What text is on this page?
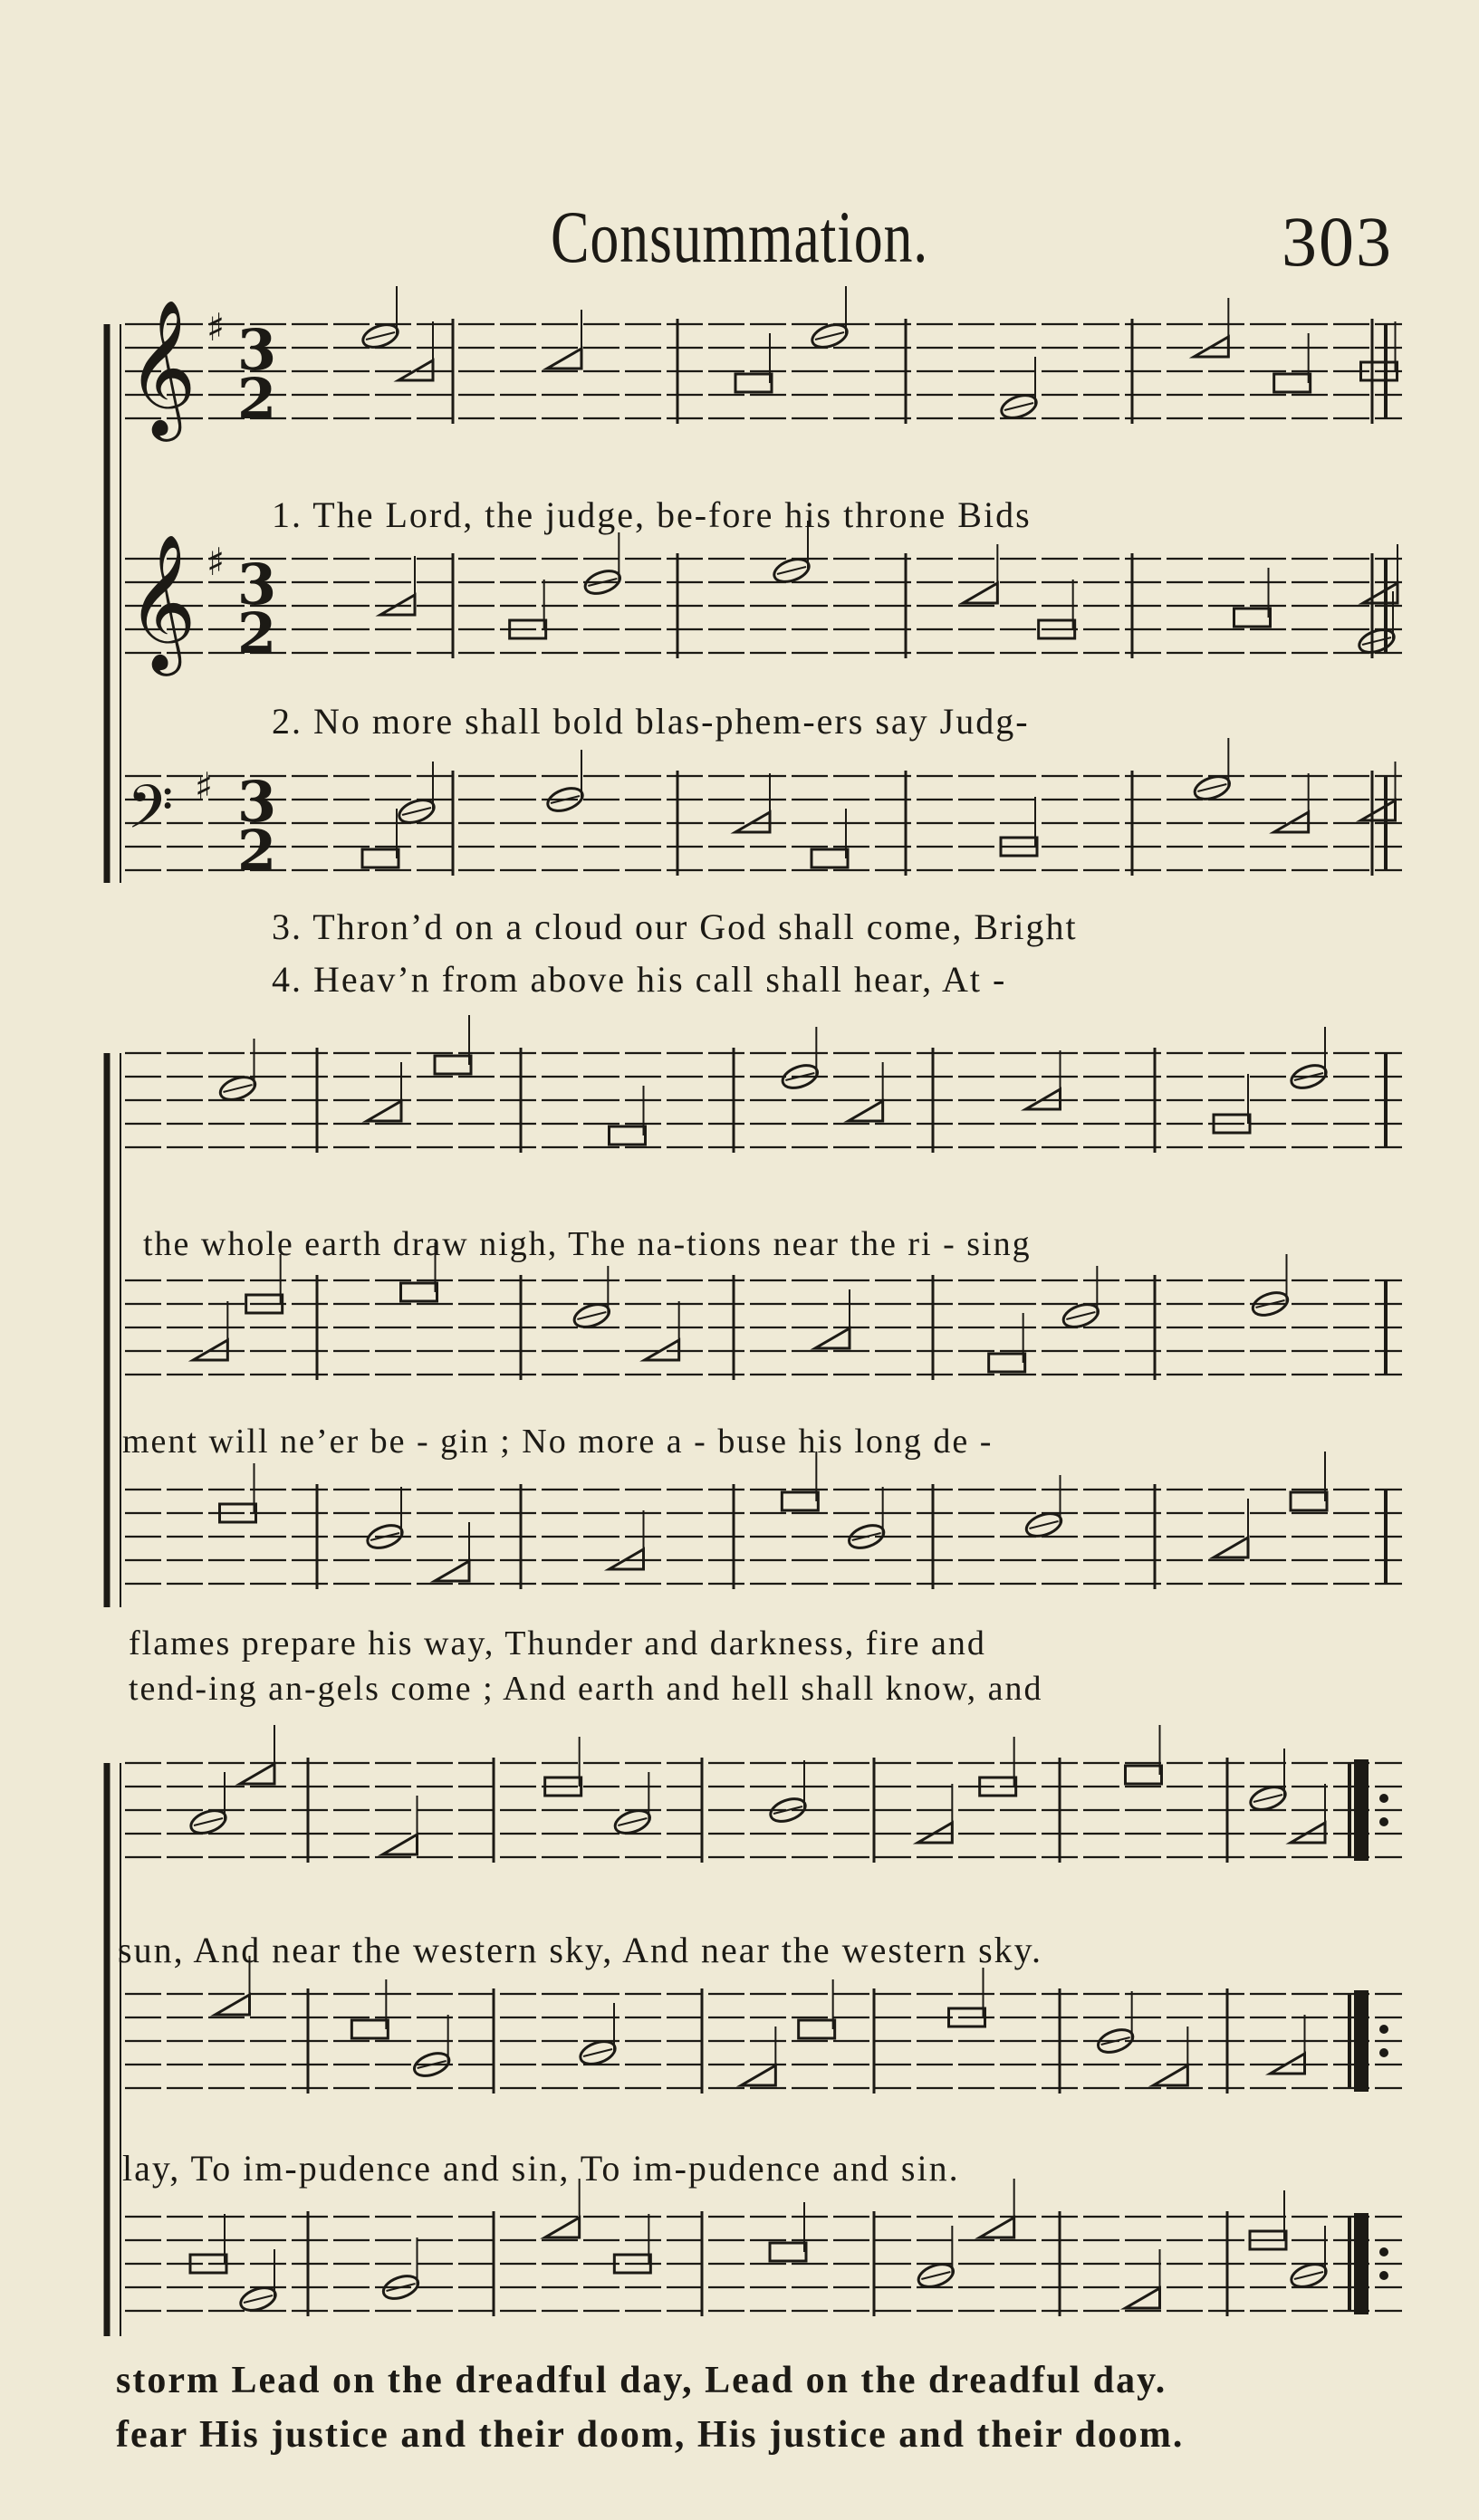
Consummation.	303
𝄞 ♯ 3
2
𝄞 ♯ 3
2
𝄢 ♯ 3
2
1. The Lord, the judge, be-fore his throne Bids
2. No more shall bold blas-phem-ers say Judg-
3. Thron’d on a cloud our God shall come, Bright
4. Heav’n from above his call shall hear, At -
the whole earth draw nigh, The na-tions near the ri - sing
ment will ne’er be - gin ; No more a - buse his long de -
flames prepare his way, Thunder and darkness, fire and
tend-ing an-gels come ; And earth and hell shall know, and
sun, And near the western sky, And near the western sky.
lay, To im-pudence and sin, To im-pudence and sin.
storm Lead on the dreadful day, Lead on the dreadful day.
fear His justice and their doom, His justice and their doom.
